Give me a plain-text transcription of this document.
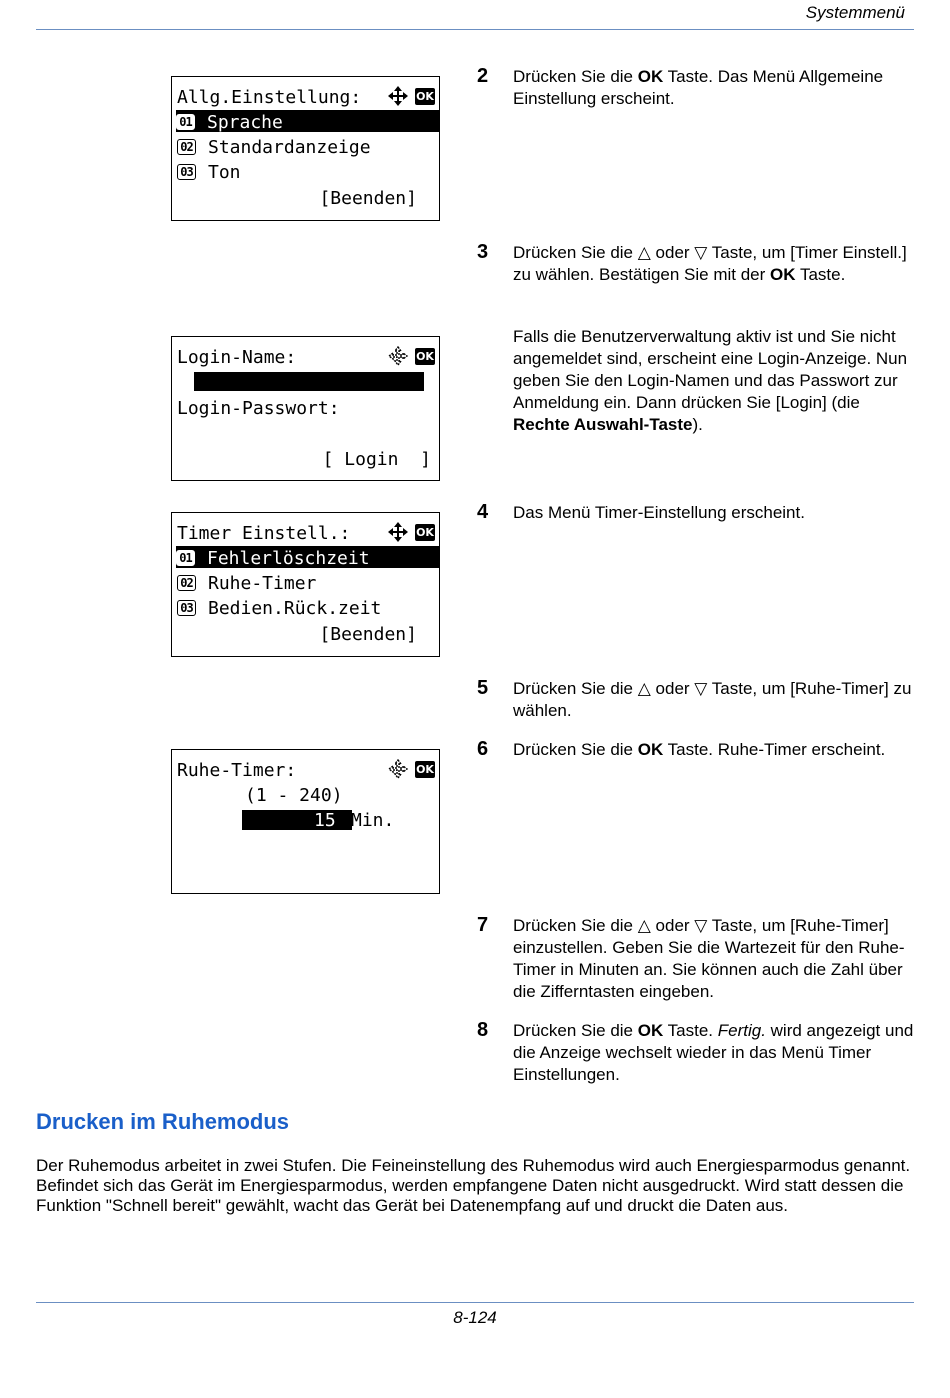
Systemmenü
Allg.Einstellung:	OK
01 Sprache
02 Standardanzeige
03 Ton
[Beenden]
Login-Name:	OK
Login-Passwort:
[ Login  ]
Timer Einstell.:	OK
01 Fehlerlöschzeit
02 Ruhe-Timer
03 Bedien.Rück.zeit
[Beenden]
Ruhe-Timer:	OK
(1 - 240)
15 Min.
2 Drücken Sie die OK Taste. Das Menü Allgemeine Einstellung erscheint.
3 Drücken Sie die △ oder ▽ Taste, um [Timer Einstell.] zu wählen. Bestätigen Sie mit der OK Taste.
Falls die Benutzerverwaltung aktiv ist und Sie nicht angemeldet sind, erscheint eine Login-Anzeige. Nun geben Sie den Login-Namen und das Passwort zur Anmeldung ein. Dann drücken Sie [Login] (die Rechte Auswahl-Taste).
4 Das Menü Timer-Einstellung erscheint.
5 Drücken Sie die △ oder ▽ Taste, um [Ruhe-Timer] zu wählen.
6 Drücken Sie die OK Taste. Ruhe-Timer erscheint.
7 Drücken Sie die △ oder ▽ Taste, um [Ruhe-Timer] einzustellen. Geben Sie die Wartezeit für den Ruhe-Timer in Minuten an. Sie können auch die Zahl über die Zifferntasten eingeben.
8 Drücken Sie die OK Taste. Fertig. wird angezeigt und die Anzeige wechselt wieder in das Menü Timer Einstellungen.
Drucken im Ruhemodus
Der Ruhemodus arbeitet in zwei Stufen. Die Feineinstellung des Ruhemodus wird auch Energiesparmodus genannt. Befindet sich das Gerät im Energiesparmodus, werden empfangene Daten nicht ausgedruckt. Wird statt dessen die Funktion "Schnell bereit" gewählt, wacht das Gerät bei Datenempfang auf und druckt die Daten aus.
8-124
